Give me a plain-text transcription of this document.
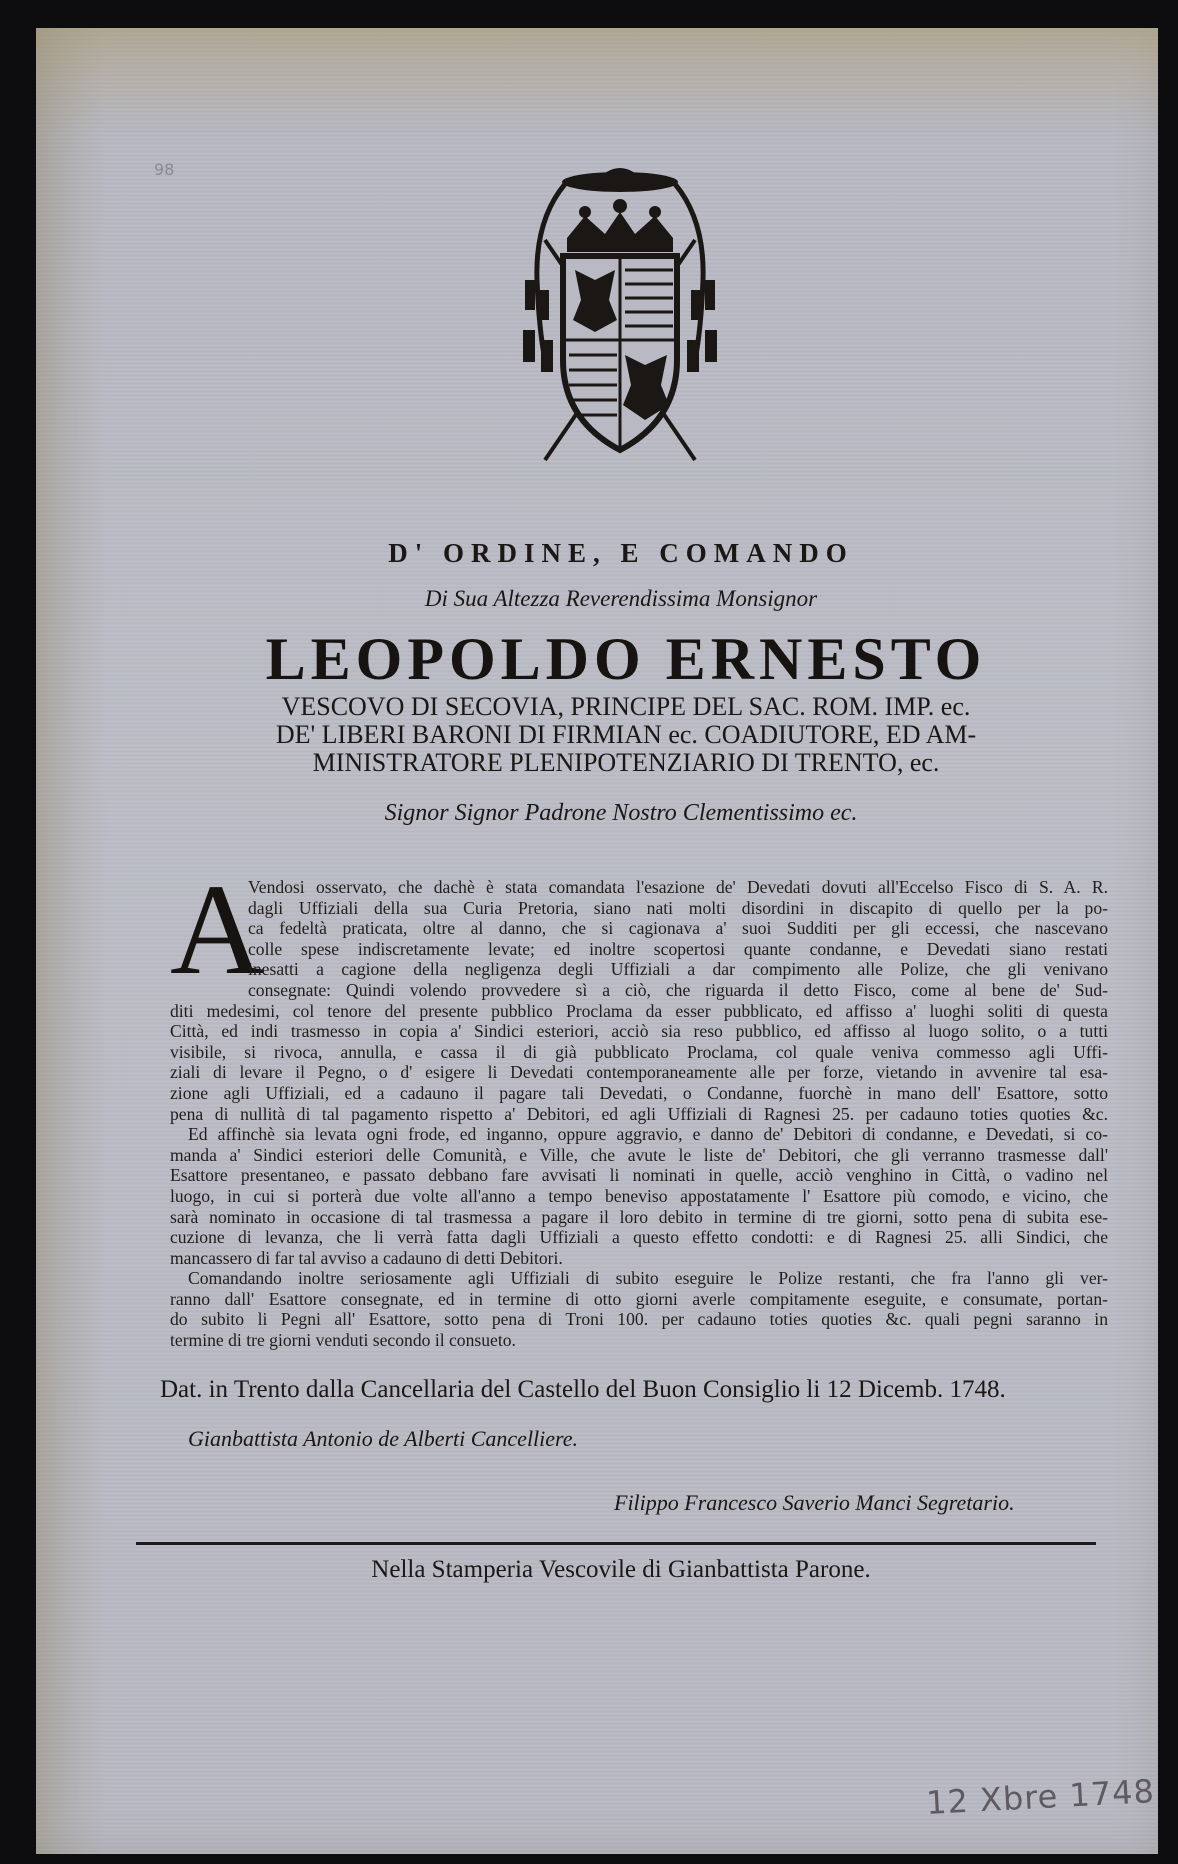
98
D' ORDINE, E COMANDO
Di Sua Altezza Reverendissima Monsignor
LEOPOLDO ERNESTO
VESCOVO DI SECOVIA, PRINCIPE DEL SAC. ROM. IMP. ec.
DE' LIBERI BARONI DI FIRMIAN ec. COADIUTORE, ED AM-
MINISTRATORE PLENIPOTENZIARIO DI TRENTO, ec.
Signor Signor Padrone Nostro Clementissimo ec.
A
Vendosi osservato, che dachè è stata comandata l'esazione de' Devedati dovuti all'Eccelso Fisco di S. A. R.
dagli Uffiziali della sua Curia Pretoria, siano nati molti disordini in discapito di quello per la po-
ca fedeltà praticata, oltre al danno, che si cagionava a' suoi Sudditi per gli eccessi, che nascevano
colle spese indiscretamente levate; ed inoltre scopertosi quante condanne, e Devedati siano restati
inesatti a cagione della negligenza degli Uffiziali a dar compimento alle Polize, che gli venivano
consegnate: Quindi volendo provvedere sì a ciò, che riguarda il detto Fisco, come al bene de' Sud-
diti medesimi, col tenore del presente pubblico Proclama da esser pubblicato, ed affisso a' luoghi soliti di questa
Città, ed indi trasmesso in copia a' Sindici esteriori, acciò sia reso pubblico, ed affisso al luogo solito, o a tutti
visibile, si rivoca, annulla, e cassa il di già pubblicato Proclama, col quale veniva commesso agli Uffi-
ziali di levare il Pegno, o d' esigere li Devedati contemporaneamente alle per forze, vietando in avvenire tal esa-
zione agli Uffiziali, ed a cadauno il pagare tali Devedati, o Condanne, fuorchè in mano dell' Esattore, sotto
pena di nullità di tal pagamento rispetto a' Debitori, ed agli Uffiziali di Ragnesi 25. per cadauno toties quoties &c.
Ed affinchè sia levata ogni frode, ed inganno, oppure aggravio, e danno de' Debitori di condanne, e Devedati, si co-
manda a' Sindici esteriori delle Comunità, e Ville, che avute le liste de' Debitori, che gli verranno trasmesse dall'
Esattore presentaneo, e passato debbano fare avvisati li nominati in quelle, acciò venghino in Città, o vadino nel
luogo, in cui si porterà due volte all'anno a tempo beneviso appostatamente l' Esattore più comodo, e vicino, che
sarà nominato in occasione di tal trasmessa a pagare il loro debito in termine di tre giorni, sotto pena di subita ese-
cuzione di levanza, che li verrà fatta dagli Uffiziali a questo effetto condotti: e di Ragnesi 25. alli Sindici, che
mancassero di far tal avviso a cadauno di detti Debitori.
Comandando inoltre seriosamente agli Uffiziali di subito eseguire le Polize restanti, che fra l'anno gli ver-
ranno dall' Esattore consegnate, ed in termine di otto giorni averle compitamente eseguite, e consumate, portan-
do subito li Pegni all' Esattore, sotto pena di Troni 100. per cadauno toties quoties &c. quali pegni saranno in
termine di tre giorni venduti secondo il consueto.
Dat. in Trento dalla Cancellaria del Castello del Buon Consiglio li 12 Dicemb. 1748.
Gianbattista Antonio de Alberti Cancelliere.
Filippo Francesco Saverio Manci Segretario.
Nella Stamperia Vescovile di Gianbattista Parone.
12 Xbre 1748
